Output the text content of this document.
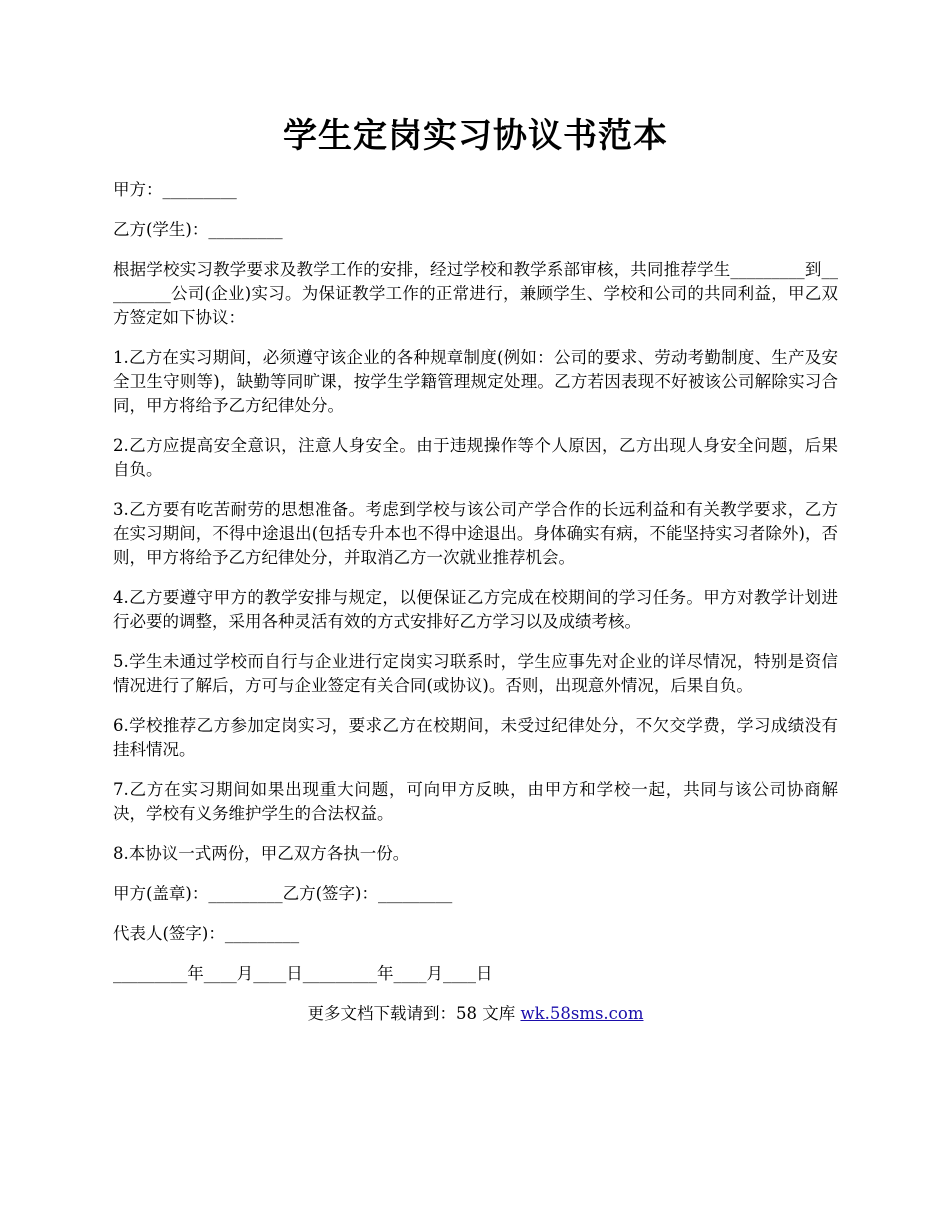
学生定岗实习协议书范本

甲方：_________

乙方(学生)：_________

根据学校实习教学要求及教学工作的安排，经过学校和教学系部审核，共同推荐学生_________到_________公司(企业)实习。为保证教学工作的正常进行，兼顾学生、学校和公司的共同利益，甲乙双方签定如下协议：

1.乙方在实习期间，必须遵守该企业的各种规章制度(例如：公司的要求、劳动考勤制度、生产及安全卫生守则等)，缺勤等同旷课，按学生学籍管理规定处理。乙方若因表现不好被该公司解除实习合同，甲方将给予乙方纪律处分。

2.乙方应提高安全意识，注意人身安全。由于违规操作等个人原因，乙方出现人身安全问题，后果自负。

3.乙方要有吃苦耐劳的思想准备。考虑到学校与该公司产学合作的长远利益和有关教学要求，乙方在实习期间，不得中途退出(包括专升本也不得中途退出。身体确实有病，不能坚持实习者除外)，否则，甲方将给予乙方纪律处分，并取消乙方一次就业推荐机会。

4.乙方要遵守甲方的教学安排与规定，以便保证乙方完成在校期间的学习任务。甲方对教学计划进行必要的调整，采用各种灵活有效的方式安排好乙方学习以及成绩考核。

5.学生未通过学校而自行与企业进行定岗实习联系时，学生应事先对企业的详尽情况，特别是资信情况进行了解后，方可与企业签定有关合同(或协议)。否则，出现意外情况，后果自负。

6.学校推荐乙方参加定岗实习，要求乙方在校期间，未受过纪律处分，不欠交学费，学习成绩没有挂科情况。

7.乙方在实习期间如果出现重大问题，可向甲方反映，由甲方和学校一起，共同与该公司协商解决，学校有义务维护学生的合法权益。

8.本协议一式两份，甲乙双方各执一份。

甲方(盖章)：_________乙方(签字)：_________

代表人(签字)：_________

_________年____月____日_________年____月____日

更多文档下载请到：58 文库 wk.58sms.com
